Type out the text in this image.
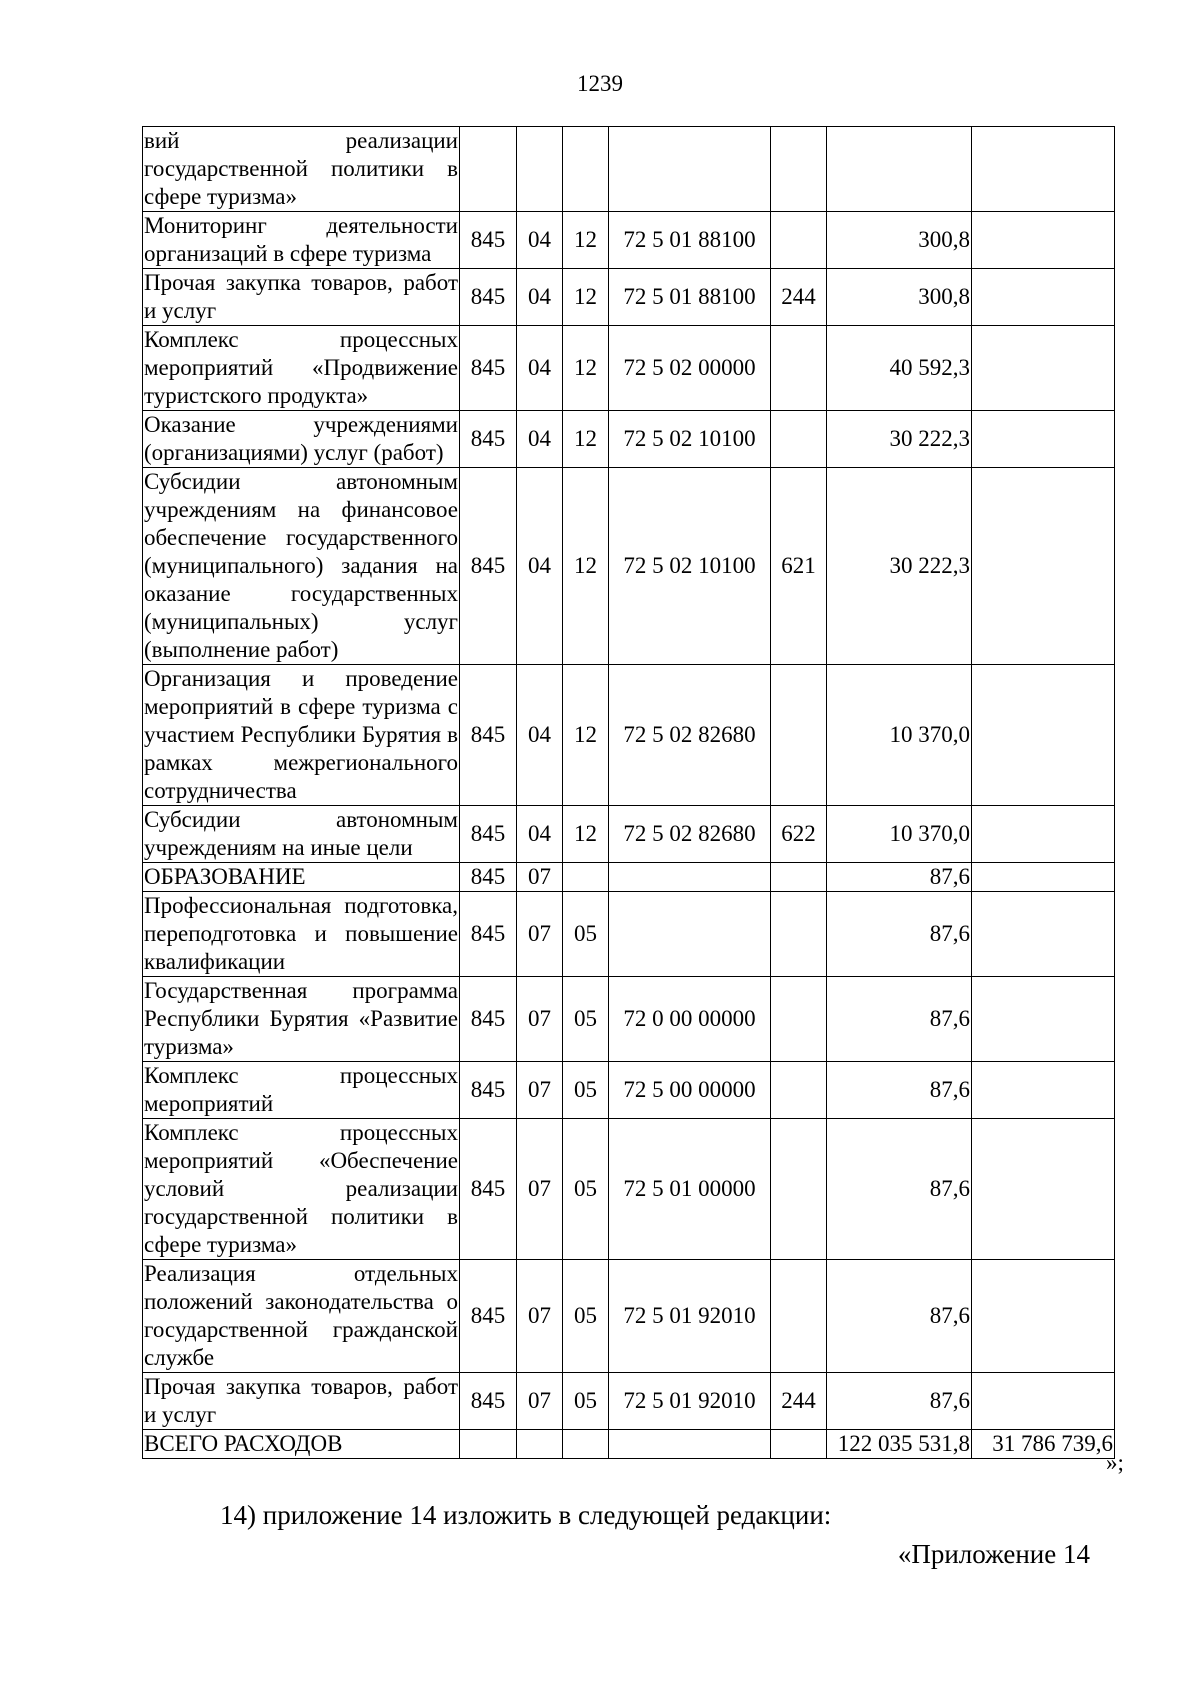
1239
вий реализации государственной политики в сфере туризма»							
Мониторинг деятельности организаций в сфере туризма	845	04	12	72 5 01 88100		300,8	
Прочая закупка товаров, работ и услуг	845	04	12	72 5 01 88100	244	300,8	
Комплекс процессных мероприятий «Продвижение туристского продукта»	845	04	12	72 5 02 00000		40 592,3	
Оказание учреждениями (организациями) услуг (работ)	845	04	12	72 5 02 10100		30 222,3	
Субсидии автономным учреждениям на финансовое обеспечение государственного (муниципального) задания на оказание государственных (муниципальных) услуг (выполнение работ)	845	04	12	72 5 02 10100	621	30 222,3	
Организация и проведение мероприятий в сфере туризма с участием Республики Бурятия в рамках межрегионального сотрудничества	845	04	12	72 5 02 82680		10 370,0	
Субсидии автономным учреждениям на иные цели	845	04	12	72 5 02 82680	622	10 370,0	
ОБРАЗОВАНИЕ	845	07				87,6	
Профессиональная подготовка, переподготовка и повышение квалификации	845	07	05			87,6	
Государственная программа Республики Бурятия «Развитие туризма»	845	07	05	72 0 00 00000		87,6	
Комплекс процессных мероприятий	845	07	05	72 5 00 00000		87,6	
Комплекс процессных мероприятий «Обеспечение условий реализации государственной политики в сфере туризма»	845	07	05	72 5 01 00000		87,6	
Реализация отдельных положений законодательства о государственной гражданской службе	845	07	05	72 5 01 92010		87,6	
Прочая закупка товаров, работ и услуг	845	07	05	72 5 01 92010	244	87,6	
ВСЕГО РАСХОДОВ						122 035 531,8	31 786 739,6
»;
14) приложение 14 изложить в следующей редакции:
«Приложение 14
